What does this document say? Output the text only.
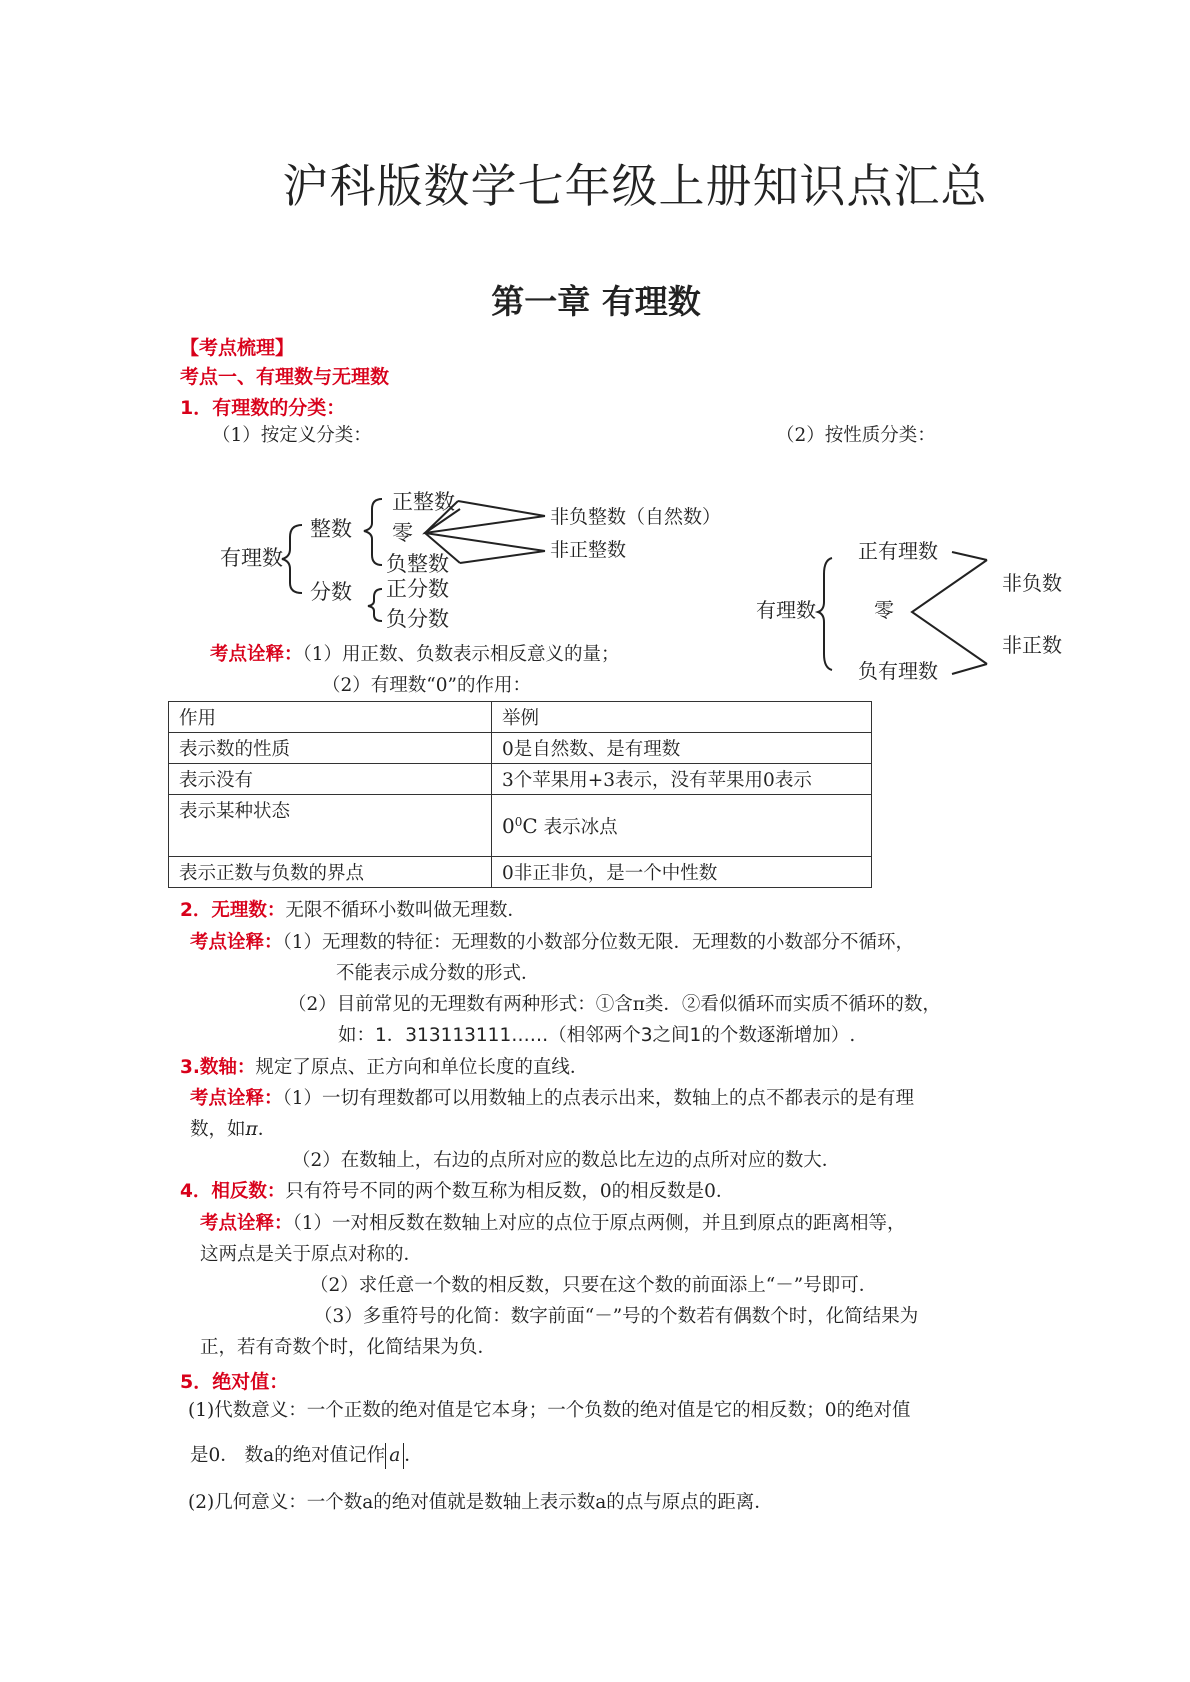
沪科版数学七年级上册知识点汇总
第一章 有理数
【考点梳理】
考点一、有理数与无理数
1．有理数的分类：
（1）按定义分类：	（2）按性质分类：
有理数
整数
分数
正整数
零
负整数
正分数
负分数
非负整数（自然数）
非正整数
有理数
正有理数
零
负有理数
非负数
非正数
考点诠释：（1）用正数、负数表示相反意义的量；
（2）有理数“0”的作用：
作用	举例
表示数的性质	0是自然数、是有理数
表示没有	3个苹果用+3表示，没有苹果用0表示
表示某种状态	$0^0C$ 表示冰点
表示正数与负数的界点	0非正非负，是一个中性数
2．无理数：无限不循环小数叫做无理数．
考点诠释：（1）无理数的特征：无理数的小数部分位数无限．无理数的小数部分不循环，
不能表示成分数的形式．
（2）目前常见的无理数有两种形式：①含π类．②看似循环而实质不循环的数，
如：1．313113111……（相邻两个3之间1的个数逐渐增加）.
3.数轴：规定了原点、正方向和单位长度的直线．
考点诠释：（1）一切有理数都可以用数轴上的点表示出来，数轴上的点不都表示的是有理
数，如π．
（2）在数轴上，右边的点所对应的数总比左边的点所对应的数大．
4．相反数：只有符号不同的两个数互称为相反数，0的相反数是0．
考点诠释：（1）一对相反数在数轴上对应的点位于原点两侧，并且到原点的距离相等，
这两点是关于原点对称的．
（2）求任意一个数的相反数，只要在这个数的前面添上“－”号即可．
（3）多重符号的化简：数字前面“－”号的个数若有偶数个时，化简结果为
正，若有奇数个时，化简结果为负．
5．绝对值：
(1)代数意义：一个正数的绝对值是它本身；一个负数的绝对值是它的相反数；0的绝对值
是0． 数a的绝对值记作 a ．
(2)几何意义：一个数a的绝对值就是数轴上表示数a的点与原点的距离．
